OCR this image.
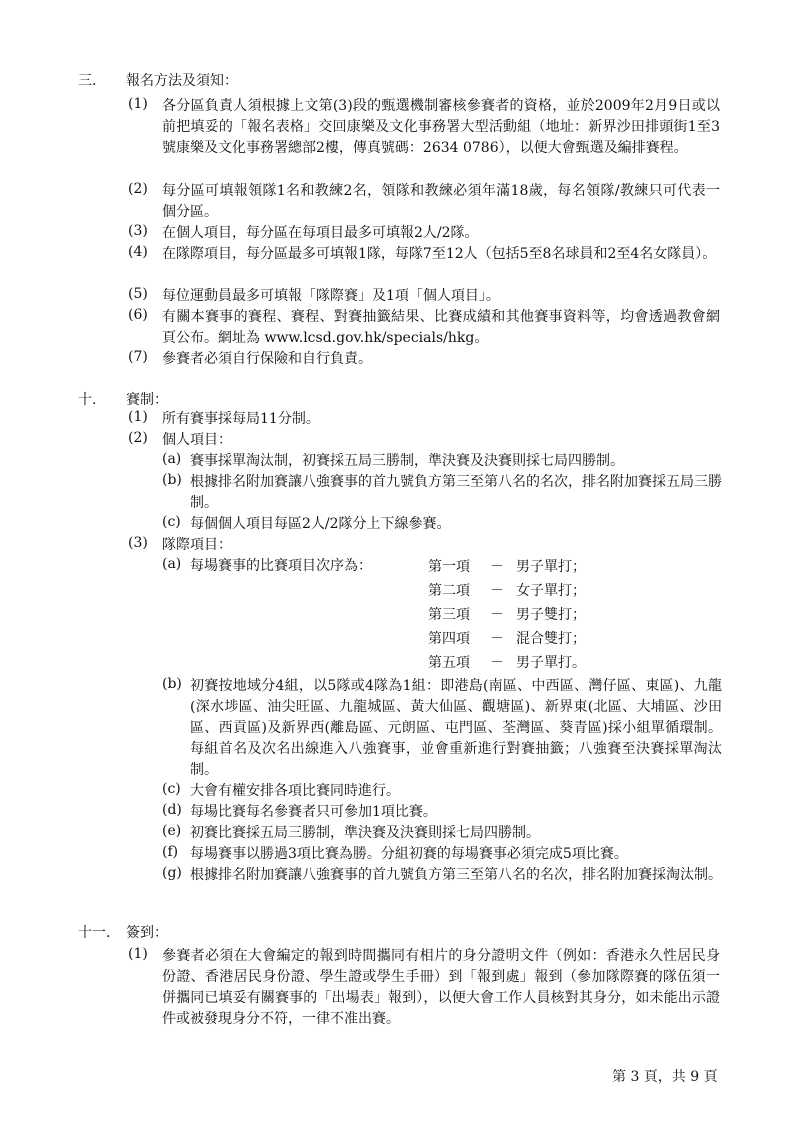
三. 報名方法及須知：
(1) 各分區負責人須根據上文第(3)段的甄選機制審核參賽者的資格，並於2009年2月9日或以前把填妥的「報名表格」交回康樂及文化事務署大型活動組（地址：新界沙田排頭街1至3號康樂及文化事務署總部2樓，傳真號碼：2634 0786），以便大會甄選及編排賽程。
(2) 每分區可填報領隊1名和教練2名，領隊和教練必須年滿18歲，每名領隊/教練只可代表一個分區。
(3) 在個人項目，每分區在每項目最多可填報2人/2隊。
(4) 在隊際項目，每分區最多可填報1隊，每隊7至12人（包括5至8名球員和2至4名女隊員）。
(5) 每位運動員最多可填報「隊際賽」及1項「個人項目」。
(6) 有關本賽事的賽程、賽程、對賽抽籤結果、比賽成績和其他賽事資料等，均會透過教會網頁公布。網址為 www.lcsd.gov.hk/specials/hkg。
(7) 參賽者必須自行保險和自行負責。
十. 賽制：
(1) 所有賽事採每局11分制。
(2) 個人項目：
(a) 賽事採單淘汰制，初賽採五局三勝制，準決賽及決賽則採七局四勝制。
(b) 根據排名附加賽讓八強賽事的首九號負方第三至第八名的名次，排名附加賽採五局三勝制。
(c) 每個個人項目每區2人/2隊分上下線參賽。
(3) 隊際項目：
(a) 每場賽事的比賽項目次序為：	第一項 － 男子單打；
第二項 － 女子單打；
第三項 － 男子雙打；
第四項 － 混合雙打；
第五項 － 男子單打。
(b) 初賽按地域分4組，以5隊或4隊為1組：即港島(南區、中西區、灣仔區、東區)、九龍(深水埗區、油尖旺區、九龍城區、黃大仙區、觀塘區)、新界東(北區、大埔區、沙田區、西貢區)及新界西(離島區、元朗區、屯門區、荃灣區、葵青區)採小組單循環制。每組首名及次名出線進入八強賽事，並會重新進行對賽抽籤；八強賽至決賽採單淘汰制。
(c) 大會有權安排各項比賽同時進行。
(d) 每場比賽每名參賽者只可參加1項比賽。
(e) 初賽比賽採五局三勝制，準決賽及決賽則採七局四勝制。
(f) 每場賽事以勝過3項比賽為勝。分組初賽的每場賽事必須完成5項比賽。
(g) 根據排名附加賽讓八強賽事的首九號負方第三至第八名的名次，排名附加賽採淘汰制。
十一. 簽到：
(1) 參賽者必須在大會編定的報到時間攜同有相片的身分證明文件（例如：香港永久性居民身份證、香港居民身份證、學生證或學生手冊）到「報到處」報到（參加隊際賽的隊伍須一併攜同已填妥有關賽事的「出場表」報到），以便大會工作人員核對其身分，如未能出示證件或被發現身分不符，一律不准出賽。
第 3 頁，共 9 頁
